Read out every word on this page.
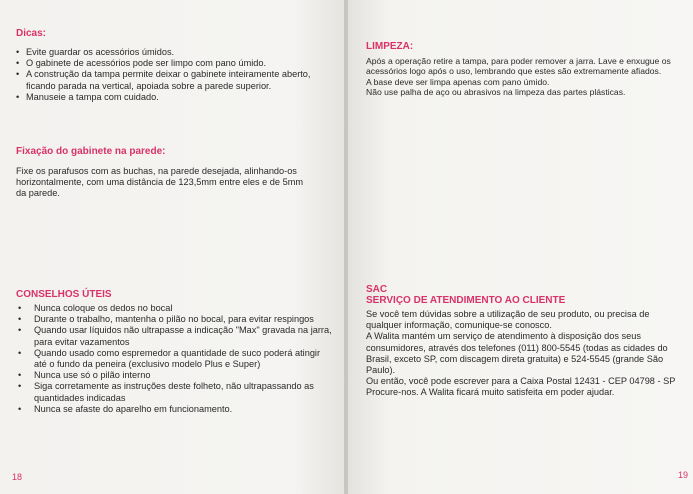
Dicas:
• Evite guardar os acessórios úmidos.
• O gabinete de acessórios pode ser limpo com pano úmido.
• A construção da tampa permite deixar o gabinete inteiramente aberto, ficando parada na vertical, apoiada sobre a parede superior.
• Manuseie a tampa com cuidado.
Fixação do gabinete na parede:

Fixe os parafusos com as buchas, na parede desejada, alinhando-os horizontalmente, com uma distância de 123,5mm entre eles e de 5mm da parede.

CONSELHOS ÚTEIS
• Nunca coloque os dedos no bocal
• Durante o trabalho, mantenha o pilão no bocal, para evitar respingos
• Quando usar líquidos não ultrapasse a indicação "Max" gravada na jarra, para evitar vazamentos
• Quando usado como espremedor a quantidade de suco poderá atingir até o fundo da peneira (exclusivo modelo Plus e Super)
• Nunca use só o pilão interno
• Siga corretamente as instruções deste folheto, não ultrapassando as quantidades indicadas
• Nunca se afaste do aparelho em funcionamento.
18
LIMPEZA:
Após a operação retire a tampa, para poder remover a jarra. Lave e enxugue os acessórios logo após o uso, lembrando que estes são extremamente afiados.
A base deve ser limpa apenas com pano úmido.
Não use palha de aço ou abrasivos na limpeza das partes plásticas.
SAC
SERVIÇO DE ATENDIMENTO AO CLIENTE
Se você tem dúvidas sobre a utilização de seu produto, ou precisa de qualquer informação, comunique-se conosco.
A Walita mantém um serviço de atendimento à disposição dos seus consumidores, através dos telefones (011) 800-5545 (todas as cidades do Brasil, exceto SP, com discagem direta gratuita) e 524-5545 (grande São Paulo).
Ou então, você pode escrever para a Caixa Postal 12431 - CEP 04798 - SP
Procure-nos. A Walita ficará muito satisfeita em poder ajudar.
19
